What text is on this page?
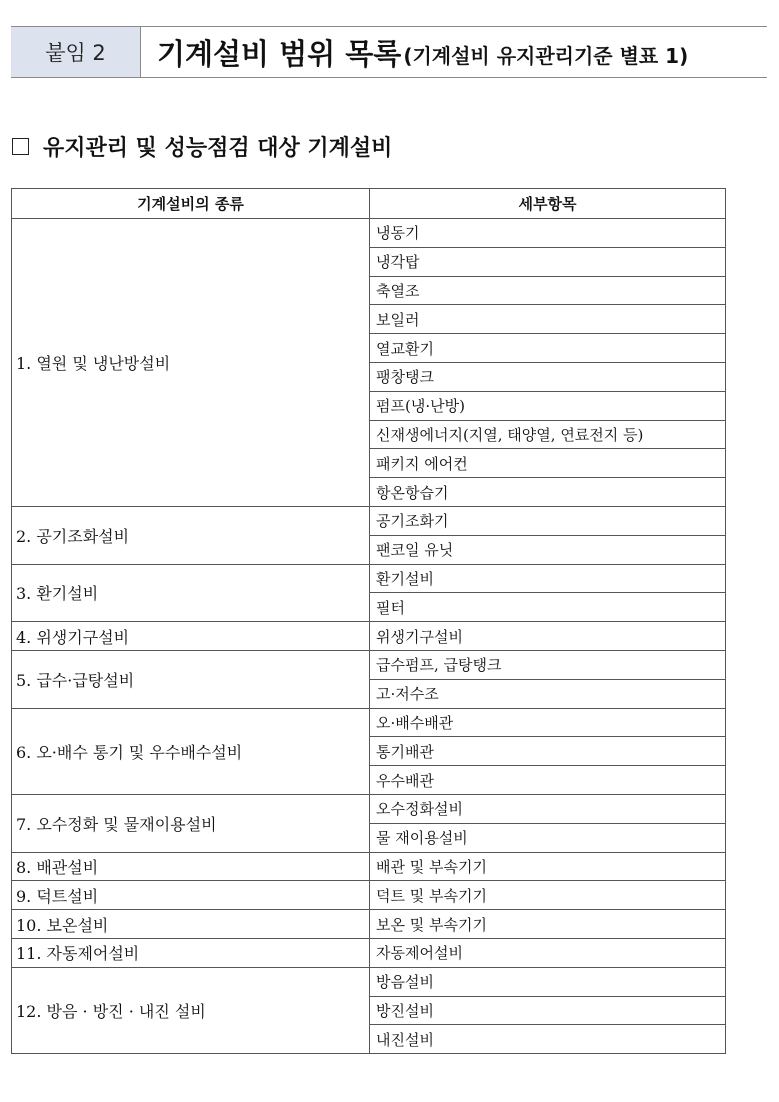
붙임 2	기계설비 범위 목록 (기계설비 유지관리기준 별표 1)
유지관리 및 성능점검 대상 기계설비
기계설비의 종류	세부항목
1. 열원 및 냉난방설비	냉동기
	냉각탑
	축열조
	보일러
	열교환기
	팽창탱크
	펌프(냉·난방)
	신재생에너지(지열, 태양열, 연료전지 등)
	패키지 에어컨
	항온항습기
2. 공기조화설비	공기조화기
	팬코일 유닛
3. 환기설비	환기설비
	필터
4. 위생기구설비	위생기구설비
5. 급수·급탕설비	급수펌프, 급탕탱크
	고·저수조
6. 오·배수 통기 및 우수배수설비	오·배수배관
	통기배관
	우수배관
7. 오수정화 및 물재이용설비	오수정화설비
	물 재이용설비
8. 배관설비	배관 및 부속기기
9. 덕트설비	덕트 및 부속기기
10. 보온설비	보온 및 부속기기
11. 자동제어설비	자동제어설비
12. 방음 · 방진 · 내진 설비	방음설비
	방진설비
	내진설비
